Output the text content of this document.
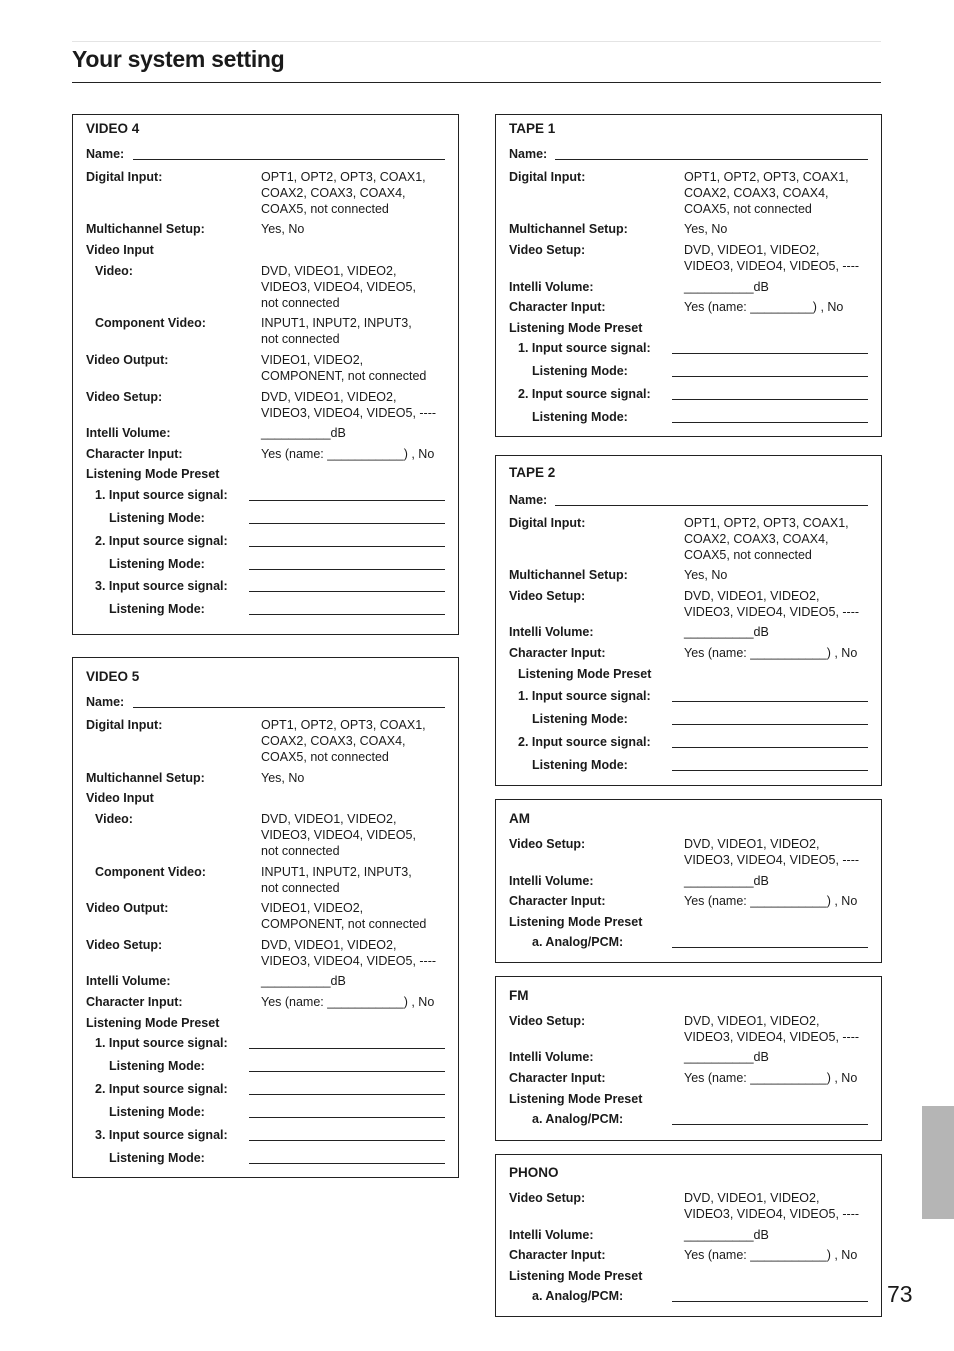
Your system setting
VIDEO 4
Name:
Digital Input:	OPT1, OPT2, OPT3, COAX1,
COAX2, COAX3, COAX4,
COAX5, not connected
Multichannel Setup:	Yes, No
Video Input
Video:	DVD, VIDEO1, VIDEO2,
VIDEO3, VIDEO4, VIDEO5,
not connected
Component Video:	INPUT1, INPUT2, INPUT3,
not connected
Video Output:	VIDEO1, VIDEO2,
COMPONENT, not connected
Video Setup:	DVD, VIDEO1, VIDEO2,
VIDEO3, VIDEO4, VIDEO5, ----
Intelli Volume:	__________dB
Character Input:	Yes (name: ___________) , No
Listening Mode Preset
1. Input source signal:
Listening Mode:
2. Input source signal:
Listening Mode:
3. Input source signal:
Listening Mode:
VIDEO 5
Name:
Digital Input:	OPT1, OPT2, OPT3, COAX1,
COAX2, COAX3, COAX4,
COAX5, not connected
Multichannel Setup:	Yes, No
Video Input
Video:	DVD, VIDEO1, VIDEO2,
VIDEO3, VIDEO4, VIDEO5,
not connected
Component Video:	INPUT1, INPUT2, INPUT3,
not connected
Video Output:	VIDEO1, VIDEO2,
COMPONENT, not connected
Video Setup:	DVD, VIDEO1, VIDEO2,
VIDEO3, VIDEO4, VIDEO5, ----
Intelli Volume:	__________dB
Character Input:	Yes (name: ___________) , No
Listening Mode Preset
1. Input source signal:
Listening Mode:
2. Input source signal:
Listening Mode:
3. Input source signal:
Listening Mode:
TAPE 1
Name:
Digital Input:	OPT1, OPT2, OPT3, COAX1,
COAX2, COAX3, COAX4,
COAX5, not connected
Multichannel Setup:	Yes, No
Video Setup:	DVD, VIDEO1, VIDEO2,
VIDEO3, VIDEO4, VIDEO5, ----
Intelli Volume:	__________dB
Character Input:	Yes (name: _________) , No
Listening Mode Preset
1. Input source signal:
Listening Mode:
2. Input source signal:
Listening Mode:
TAPE 2
Name:
Digital Input:	OPT1, OPT2, OPT3, COAX1,
COAX2, COAX3, COAX4,
COAX5, not connected
Multichannel Setup:	Yes, No
Video Setup:	DVD, VIDEO1, VIDEO2,
VIDEO3, VIDEO4, VIDEO5, ----
Intelli Volume:	__________dB
Character Input:	Yes (name: ___________) , No
Listening Mode Preset
1. Input source signal:
Listening Mode:
2. Input source signal:
Listening Mode:
AM
Video Setup:	DVD, VIDEO1, VIDEO2,
VIDEO3, VIDEO4, VIDEO5, ----
Intelli Volume:	__________dB
Character Input:	Yes (name: ___________) , No
Listening Mode Preset
a. Analog/PCM:
FM
Video Setup:	DVD, VIDEO1, VIDEO2,
VIDEO3, VIDEO4, VIDEO5, ----
Intelli Volume:	__________dB
Character Input:	Yes (name: ___________) , No
Listening Mode Preset
a. Analog/PCM:
PHONO
Video Setup:	DVD, VIDEO1, VIDEO2,
VIDEO3, VIDEO4, VIDEO5, ----
Intelli Volume:	__________dB
Character Input:	Yes (name: ___________) , No
Listening Mode Preset
a. Analog/PCM:	73
